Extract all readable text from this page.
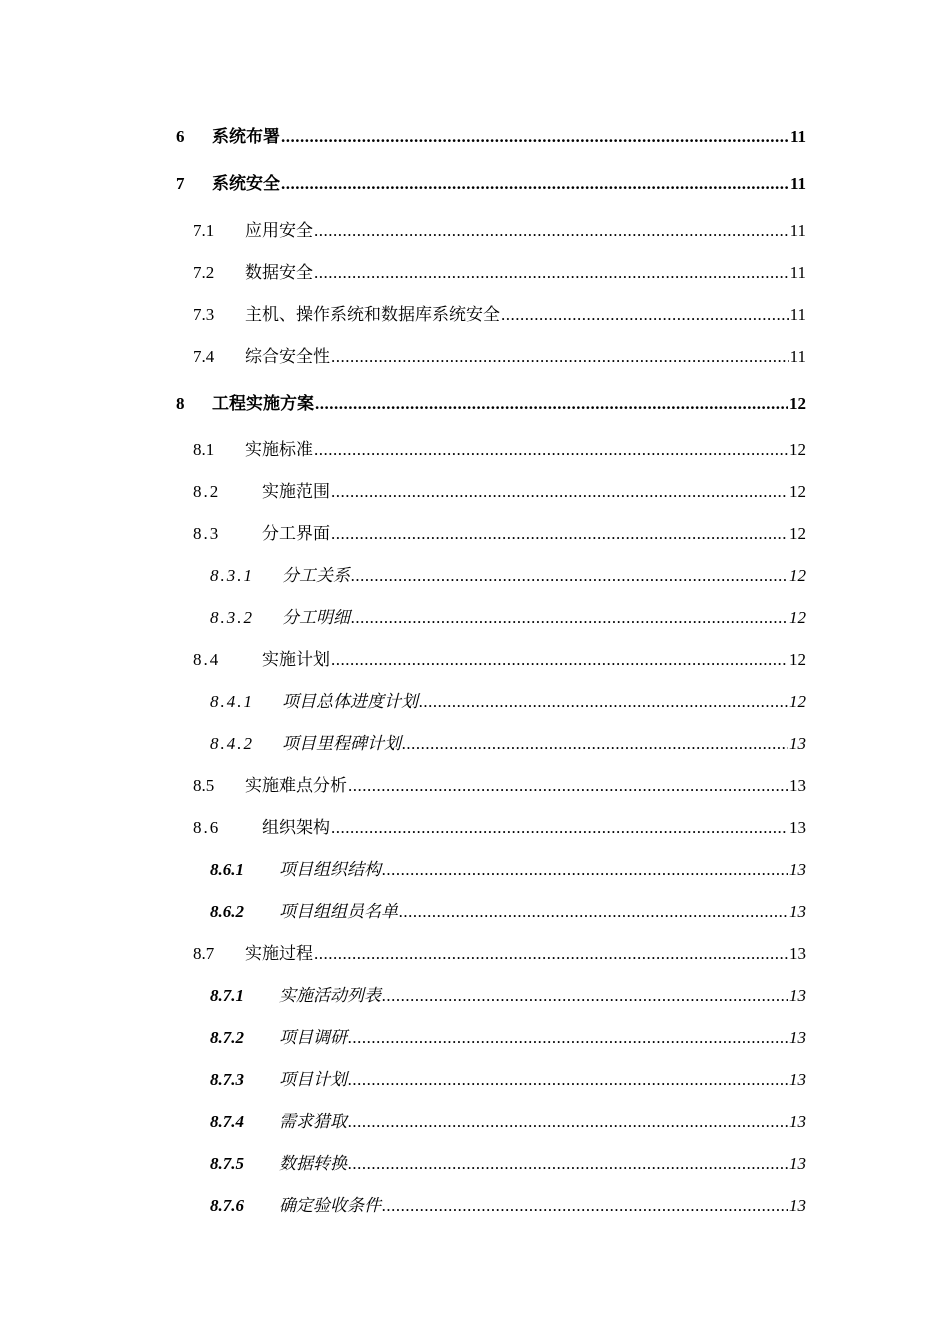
6	系统布署 .....	11
7	系统安全 .....	11
7.1	应用安全 .....	11
7.2	数据安全 .....	11
7.3	主机、操作系统和数据库系统安全 .....	11
7.4	综合安全性 .....	11
8	工程实施方案 .....	12
8.1	实施标准 .....	12
8.2	实施范围 .....	12
8.3	分工界面 .....	12
8.3.1	分工关系 .....	12
8.3.2	分工明细 .....	12
8.4	实施计划 .....	12
8.4.1	项目总体进度计划 .....	12
8.4.2	项目里程碑计划 .....	13
8.5	实施难点分析 .....	13
8.6	组织架构 .....	13
8.6.1	项目组织结构 .....	13
8.6.2	项目组组员名单 .....	13
8.7	实施过程 .....	13
8.7.1	实施活动列表 .....	13
8.7.2	项目调研 .....	13
8.7.3	项目计划 .....	13
8.7.4	需求猎取 .....	13
8.7.5	数据转换 .....	13
8.7.6	确定验收条件 .....	13
